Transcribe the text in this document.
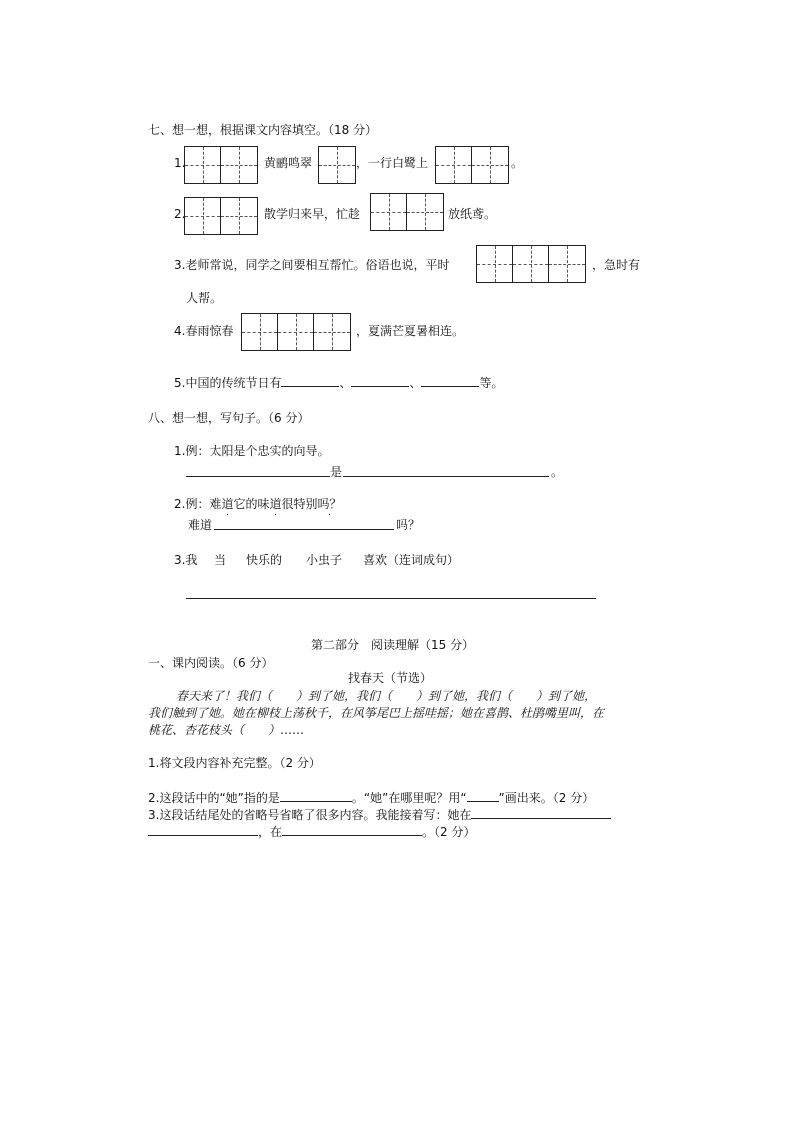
七、想一想，根据课文内容填空。（18 分）
1.	黄鹂鸣翠	，一行白鹭上	。
2.	散学归来早，忙趁	放纸鸢。
3.老师常说，同学之间要相互帮忙。俗语也说，平时	，急时有
人帮。
4.春雨惊春	，夏满芒夏暑相连。
5.中国的传统节日有	、	、	等。
八、想一想，写句子。（6 分）
1.例：太阳是个忠实的向导。
是	。
2.例：难道它的味道很特别吗？ ·
难道	吗？
3.我 当 快乐的 小虫子 喜欢（连词成句）
第二部分　阅读理解（15 分）
一、课内阅读。（6 分）
找春天（节选）
春天来了！我们（　　）到了她，我们（　　）到了她，我们（　　）到了她，
我们触到了她。她在柳枝上荡秋千，在风筝尾巴上摇哇摇；她在喜鹊、杜鹃嘴里叫，在
桃花、杏花枝头（　　）……
1.将文段内容补充完整。（2 分）
2.这段话中的“她”指的是	。“她”在哪里呢？用“	”画出来。（2 分）
3.这段话结尾处的省略号省略了很多内容。我能接着写：她在
，在	。（2 分）
